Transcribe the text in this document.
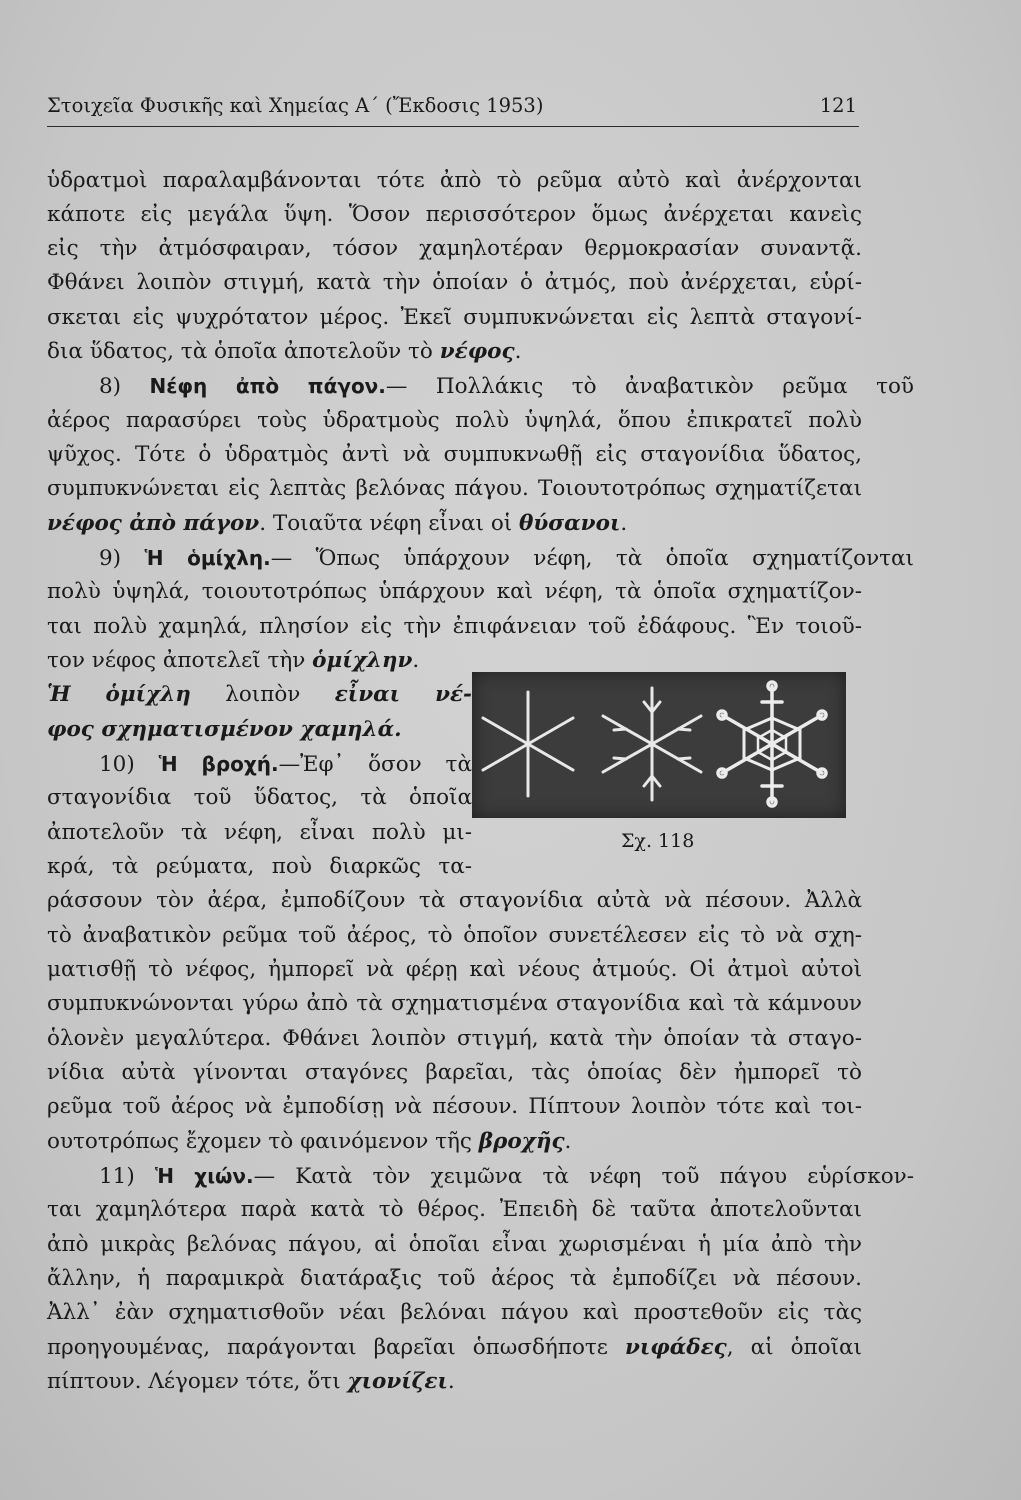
Στοιχεῖα Φυσικῆς καὶ Χημείας Α΄ (Ἔκδοσις 1953)	121
ὑδρατμοὶ παραλαμβάνονται τότε ἀπὸ τὸ ρεῦμα αὐτὸ καὶ ἀνέρχονται
κάποτε εἰς μεγάλα ὕψη. Ὅσον περισσότερον ὅμως ἀνέρχεται κανεὶς
εἰς τὴν ἀτμόσφαιραν, τόσον χαμηλοτέραν θερμοκρασίαν συναντᾷ.
Φθάνει λοιπὸν στιγμή, κατὰ τὴν ὁποίαν ὁ ἀτμός, ποὺ ἀνέρχεται, εὑρί-
σκεται εἰς ψυχρότατον μέρος. Ἐκεῖ συμπυκνώνεται εἰς λεπτὰ σταγονί-
δια ὕδατος, τὰ ὁποῖα ἀποτελοῦν τὸ νέφος.
8) Νέφη ἀπὸ πάγον.— Πολλάκις τὸ ἀναβατικὸν ρεῦμα τοῦ
ἀέρος παρασύρει τοὺς ὑδρατμοὺς πολὺ ὑψηλά, ὅπου ἐπικρατεῖ πολὺ
ψῦχος. Τότε ὁ ὑδρατμὸς ἀντὶ νὰ συμπυκνωθῇ εἰς σταγονίδια ὕδατος,
συμπυκνώνεται εἰς λεπτὰς βελόνας πάγου. Τοιουτοτρόπως σχηματίζεται
νέφος ἀπὸ πάγον. Τοιαῦτα νέφη εἶναι οἱ θύσανοι.
9) Ἡ ὁμίχλη.— Ὅπως ὑπάρχουν νέφη, τὰ ὁποῖα σχηματίζονται
πολὺ ὑψηλά, τοιουτοτρόπως ὑπάρχουν καὶ νέφη, τὰ ὁποῖα σχηματίζον-
ται πολὺ χαμηλά, πλησίον εἰς τὴν ἐπιφάνειαν τοῦ ἐδάφους. Ἓν τοιοῦ-
τον νέφος ἀποτελεῖ τὴν ὁμίχλην.
Ἡ ὁμίχλη λοιπὸν εἶναι νέ-
φος σχηματισμένον χαμηλά.
10) Ἡ βροχή.—Ἐφ᾿ ὅσον τὰ
σταγονίδια τοῦ ὕδατος, τὰ ὁποῖα
ἀποτελοῦν τὰ νέφη, εἶναι πολὺ μι-
κρά, τὰ ρεύματα, ποὺ διαρκῶς τα-
ράσσουν τὸν ἀέρα, ἐμποδίζουν τὰ σταγονίδια αὐτὰ νὰ πέσουν. Ἀλλὰ
τὸ ἀναβατικὸν ρεῦμα τοῦ ἀέρος, τὸ ὁποῖον συνετέλεσεν εἰς τὸ νὰ σχη-
ματισθῇ τὸ νέφος, ἠμπορεῖ νὰ φέρῃ καὶ νέους ἀτμούς. Οἱ ἀτμοὶ αὐτοὶ
συμπυκνώνονται γύρω ἀπὸ τὰ σχηματισμένα σταγονίδια καὶ τὰ κάμνουν
ὁλονὲν μεγαλύτερα. Φθάνει λοιπὸν στιγμή, κατὰ τὴν ὁποίαν τὰ σταγο-
νίδια αὐτὰ γίνονται σταγόνες βαρεῖαι, τὰς ὁποίας δὲν ἠμπορεῖ τὸ
ρεῦμα τοῦ ἀέρος νὰ ἐμποδίσῃ νὰ πέσουν. Πίπτουν λοιπὸν τότε καὶ τοι-
ουτοτρόπως ἔχομεν τὸ φαινόμενον τῆς βροχῆς.
11) Ἡ χιών.— Κατὰ τὸν χειμῶνα τὰ νέφη τοῦ πάγου εὑρίσκον-
ται χαμηλότερα παρὰ κατὰ τὸ θέρος. Ἐπειδὴ δὲ ταῦτα ἀποτελοῦνται
ἀπὸ μικρὰς βελόνας πάγου, αἱ ὁποῖαι εἶναι χωρισμέναι ἡ μία ἀπὸ τὴν
ἄλλην, ἡ παραμικρὰ διατάραξις τοῦ ἀέρος τὰ ἐμποδίζει νὰ πέσουν.
Ἀλλ᾿ ἐὰν σχηματισθοῦν νέαι βελόναι πάγου καὶ προστεθοῦν εἰς τὰς
προηγουμένας, παράγονται βαρεῖαι ὁπωσδήποτε νιφάδες, αἱ ὁποῖαι
πίπτουν. Λέγομεν τότε, ὅτι χιονίζει.
Σχ. 118
